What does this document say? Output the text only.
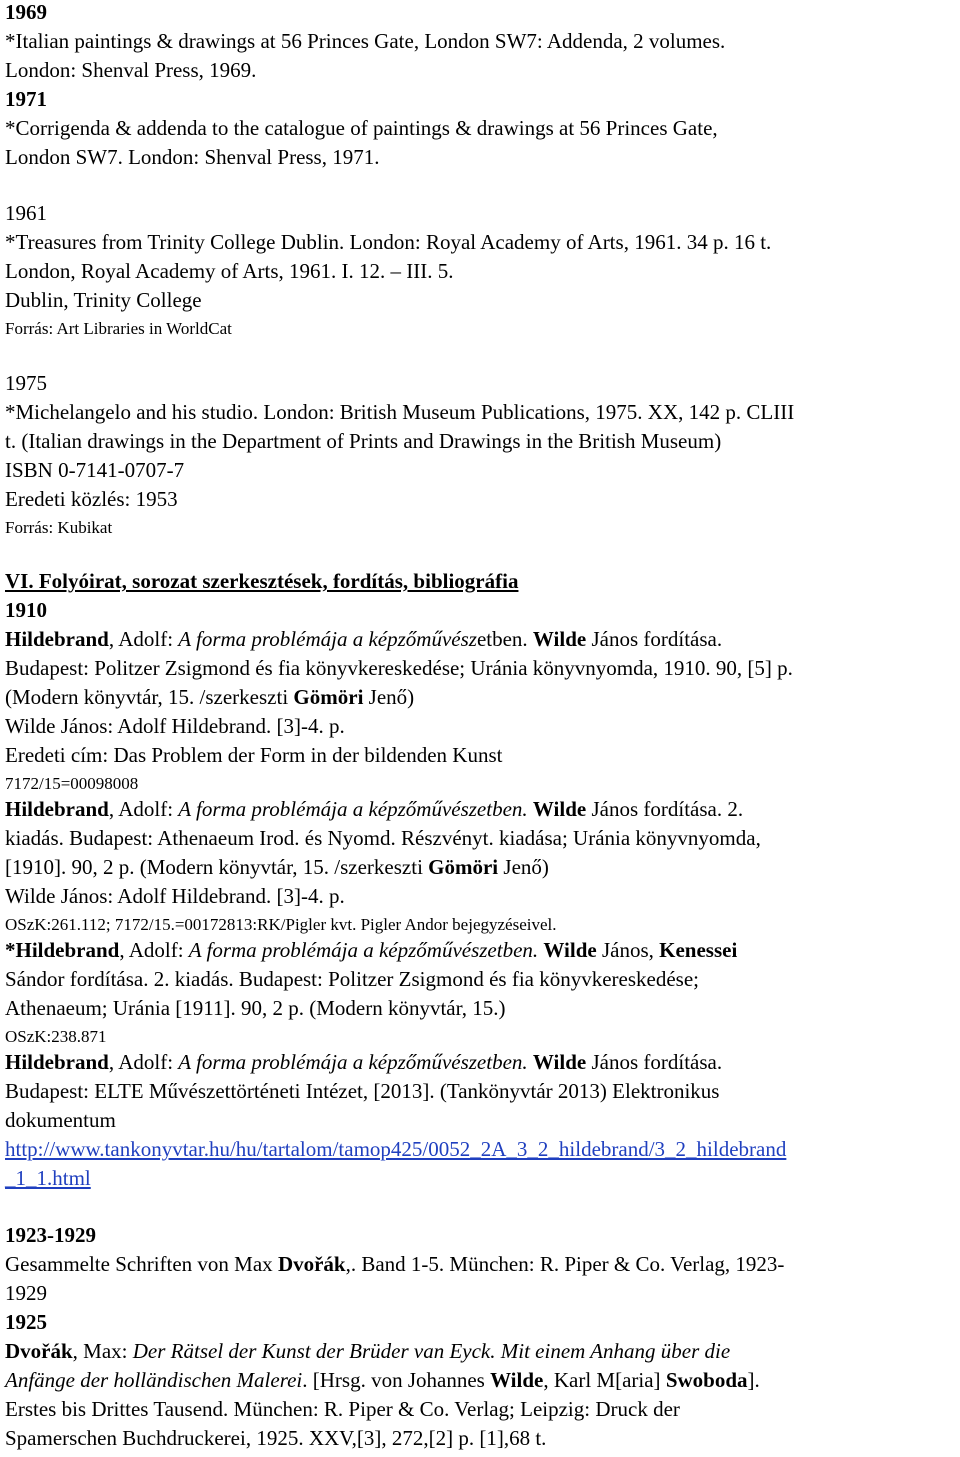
1969
*Italian paintings & drawings at 56 Princes Gate, London SW7: Addenda, 2 volumes.
London: Shenval Press, 1969.
1971
*Corrigenda & addenda to the catalogue of paintings & drawings at 56 Princes Gate,
London SW7. London: Shenval Press, 1971.
1961
*Treasures from Trinity College Dublin. London: Royal Academy of Arts, 1961. 34 p. 16 t.
London, Royal Academy of Arts, 1961. I. 12. – III. 5.
Dublin, Trinity College
Forrás: Art Libraries in WorldCat
1975
*Michelangelo and his studio. London: British Museum Publications, 1975. XX, 142 p. CLIII
t. (Italian drawings in the Department of Prints and Drawings in the British Museum)
ISBN 0-7141-0707-7
Eredeti közlés: 1953
Forrás: Kubikat
VI. Folyóirat, sorozat szerkesztések, fordítás, bibliográfia
1910
Hildebrand, Adolf: A forma problémája a képzőművészetben. Wilde János fordítása.
Budapest: Politzer Zsigmond és fia könyvkereskedése; Uránia könyvnyomda, 1910. 90, [5] p.
(Modern könyvtár, 15. /szerkeszti Gömöri Jenő)
Wilde János: Adolf Hildebrand. [3]-4. p.
Eredeti cím: Das Problem der Form in der bildenden Kunst
7172/15=00098008
Hildebrand, Adolf: A forma problémája a képzőművészetben. Wilde János fordítása. 2.
kiadás. Budapest: Athenaeum Irod. és Nyomd. Részvényt. kiadása; Uránia könyvnyomda,
[1910]. 90, 2 p. (Modern könyvtár, 15. /szerkeszti Gömöri Jenő)
Wilde János: Adolf Hildebrand. [3]-4. p.
OSzK:261.112; 7172/15.=00172813:RK/Pigler kvt. Pigler Andor bejegyzéseivel.
*Hildebrand, Adolf: A forma problémája a képzőművészetben. Wilde János, Kenessei
Sándor fordítása. 2. kiadás. Budapest: Politzer Zsigmond és fia könyvkereskedése;
Athenaeum; Uránia [1911]. 90, 2 p. (Modern könyvtár, 15.)
OSzK:238.871
Hildebrand, Adolf: A forma problémája a képzőművészetben. Wilde János fordítása.
Budapest: ELTE Művészettörténeti Intézet, [2013]. (Tankönyvtár 2013) Elektronikus
dokumentum
http://www.tankonyvtar.hu/hu/tartalom/tamop425/0052_2A_3_2_hildebrand/3_2_hildebrand
_1_1.html
1923-1929
Gesammelte Schriften von Max Dvořák,. Band 1-5. München: R. Piper & Co. Verlag, 1923-
1929
1925
Dvořák, Max: Der Rätsel der Kunst der Brüder van Eyck. Mit einem Anhang über die
Anfänge der holländischen Malerei. [Hrsg. von Johannes Wilde, Karl M[aria] Swoboda].
Erstes bis Drittes Tausend. München: R. Piper & Co. Verlag; Leipzig: Druck der
Spamerschen Buchdruckerei, 1925. XXV,[3], 272,[2] p. [1],68 t.
